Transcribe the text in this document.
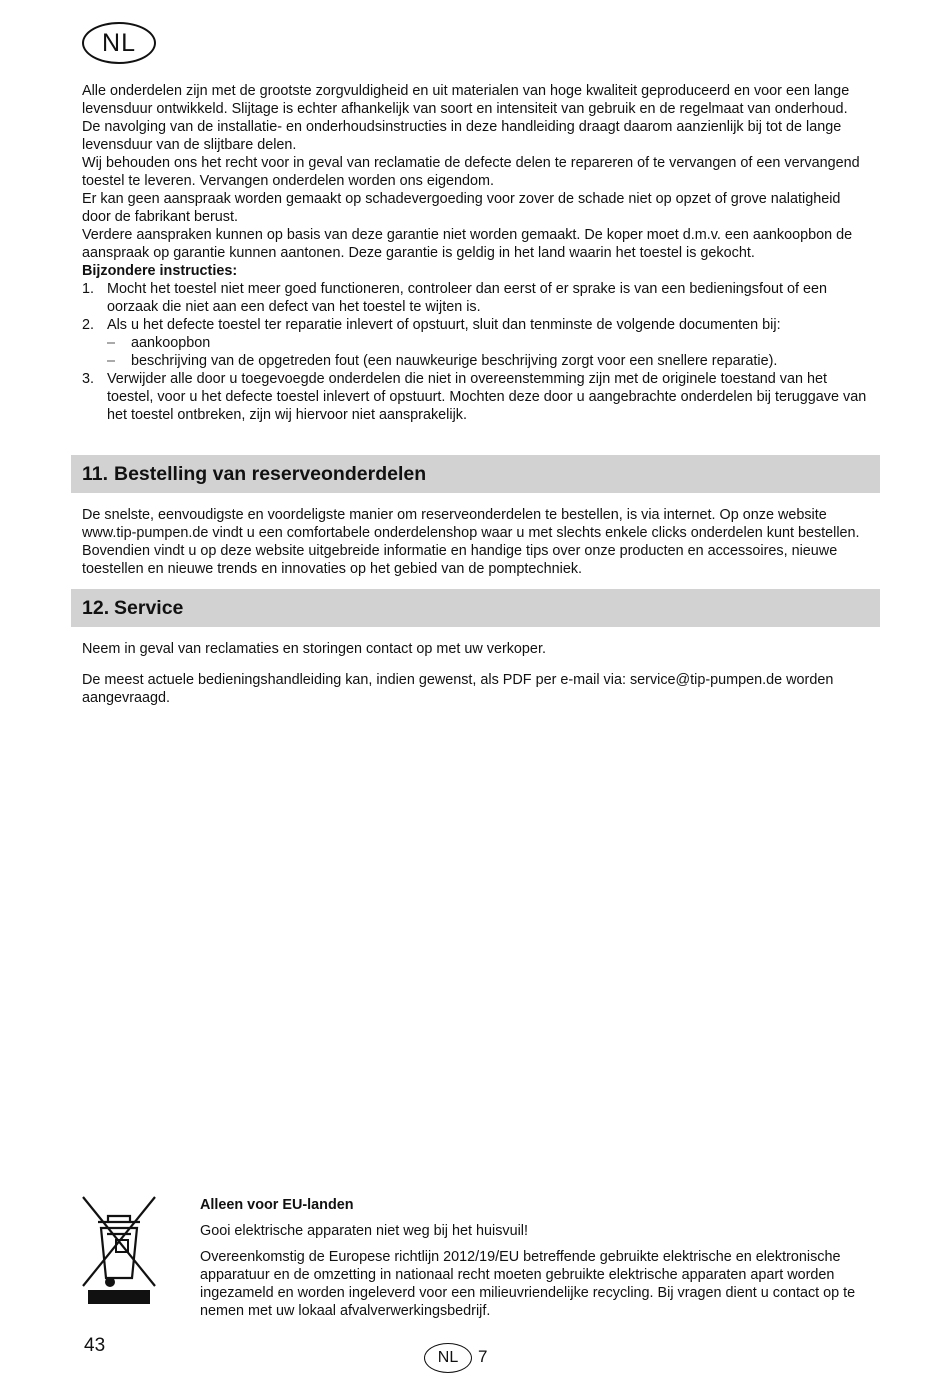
NL

Alle onderdelen zijn met de grootste zorgvuldigheid en uit materialen van hoge kwaliteit geproduceerd en voor een lange levensduur ontwikkeld. Slijtage is echter afhankelijk van soort en intensiteit van gebruik en de regelmaat van onderhoud. De navolging van de installatie- en onderhoudsinstructies in deze handleiding draagt daarom aanzienlijk bij tot de lange levensduur van de slijtbare delen.

Wij behouden ons het recht voor in geval van reclamatie de defecte delen te repareren of te vervangen of een vervangend toestel te leveren. Vervangen onderdelen worden ons eigendom.

Er kan geen aanspraak worden gemaakt op schadevergoeding voor zover de schade niet op opzet of grove nalatigheid door de fabrikant berust.

Verdere aanspraken kunnen op basis van deze garantie niet worden gemaakt. De koper moet d.m.v. een aankoopbon de aanspraak op garantie kunnen aantonen. Deze garantie is geldig in het land waarin het toestel is gekocht.

Bijzondere instructies:

1. Mocht het toestel niet meer goed functioneren, controleer dan eerst of er sprake is van een bedieningsfout of een oorzaak die niet aan een defect van het toestel te wijten is.
2. Als u het defecte toestel ter reparatie inlevert of opstuurt, sluit dan tenminste de volgende documenten bij:
– aankoopbon
– beschrijving van de opgetreden fout (een nauwkeurige beschrijving zorgt voor een snellere reparatie).
3. Verwijder alle door u toegevoegde onderdelen die niet in overeenstemming zijn met de originele toestand van het toestel, voor u het defecte toestel inlevert of opstuurt. Mochten deze door u aangebrachte onderdelen bij teruggave van het toestel ontbreken, zijn wij hiervoor niet aansprakelijk.
11. Bestelling van reserveonderdelen

De snelste, eenvoudigste en voordeligste manier om reserveonderdelen te bestellen, is via internet. Op onze website www.tip-pumpen.de vindt u een comfortabele onderdelenshop waar u met slechts enkele clicks onderdelen kunt bestellen. Bovendien vindt u op deze website uitgebreide informatie en handige tips over onze producten en accessoires, nieuwe toestellen en nieuwe trends en innovaties op het gebied van de pomptechniek.

12. Service

Neem in geval van reclamaties en storingen contact op met uw verkoper.

De meest actuele bedieningshandleiding kan, indien gewenst, als PDF per e-mail via: service@tip-pumpen.de worden aangevraagd.

Alleen voor EU-landen

Gooi elektrische apparaten niet weg bij het huisvuil!

Overeenkomstig de Europese richtlijn 2012/19/EU betreffende gebruikte elektrische en elektronische apparatuur en de omzetting in nationaal recht moeten gebruikte elektrische apparaten apart worden ingezameld en worden ingeleverd voor een milieuvriendelijke recycling. Bij vragen dient u contact op te nemen met uw lokaal afvalverwerkingsbedrijf.

43
NL 7
